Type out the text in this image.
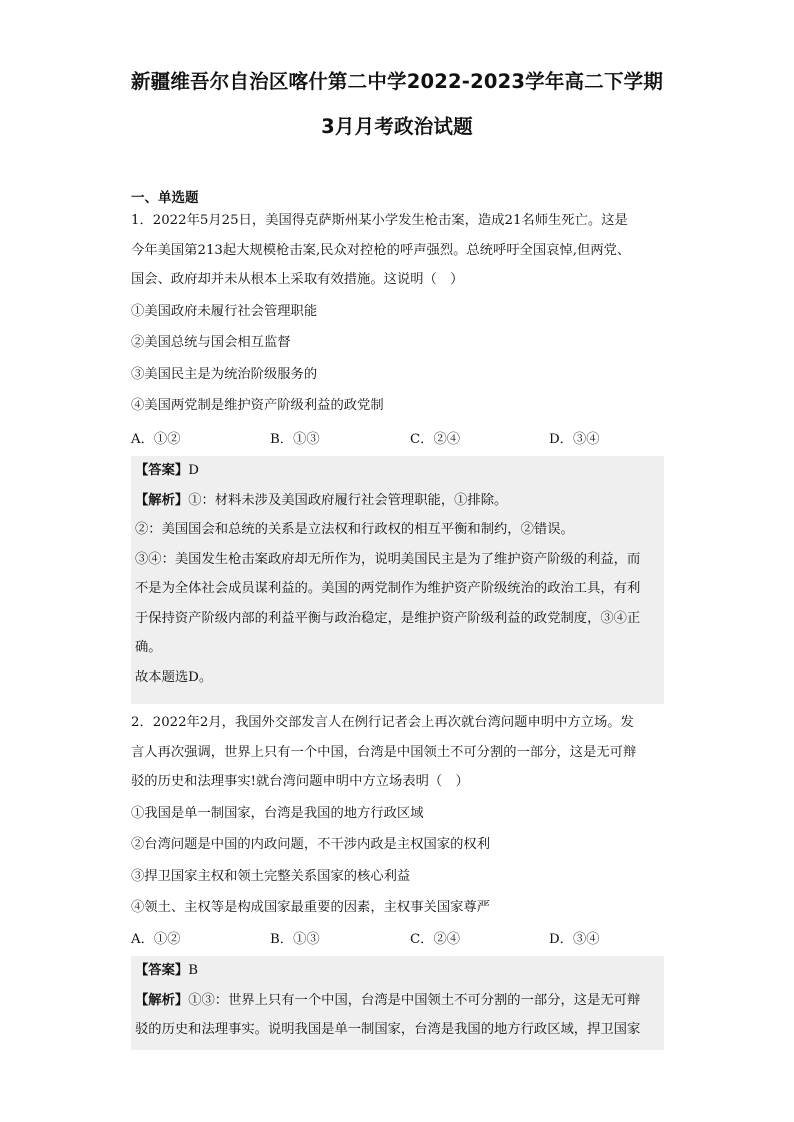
新疆维吾尔自治区喀什第二中学2022-2023学年高二下学期
3月月考政治试题
一、单选题

1．2022年5月25日，美国得克萨斯州某小学发生枪击案，造成21名师生死亡。这是

今年美国第213起大规模枪击案,民众对控枪的呼声强烈。总统呼吁全国哀悼,但两党、

国会、政府却并未从根本上采取有效措施。这说明（　）

①美国政府未履行社会管理职能

②美国总统与国会相互监督

③美国民主是为统治阶级服务的

④美国两党制是维护资产阶级利益的政党制

A．①②	B．①③	C．②④	D．③④

【答案】D

【解析】①：材料未涉及美国政府履行社会管理职能，①排除。

②：美国国会和总统的关系是立法权和行政权的相互平衡和制约，②错误。

③④：美国发生枪击案政府却无所作为，说明美国民主是为了维护资产阶级的利益，而

不是为全体社会成员谋利益的。美国的两党制作为维护资产阶级统治的政治工具，有利

于保持资产阶级内部的利益平衡与政治稳定，是维护资产阶级利益的政党制度，③④正

确。

故本题选D。

2．2022年2月，我国外交部发言人在例行记者会上再次就台湾问题申明中方立场。发

言人再次强调，世界上只有一个中国，台湾是中国领土不可分割的一部分，这是无可辩

驳的历史和法理事实!就台湾问题申明中方立场表明（　）

①我国是单一制国家，台湾是我国的地方行政区域

②台湾问题是中国的内政问题，不干涉内政是主权国家的权利

③捍卫国家主权和领土完整关系国家的核心利益

④领土、主权等是构成国家最重要的因素，主权事关国家尊严

A．①②	B．①③	C．②④	D．③④

【答案】B

【解析】①③：世界上只有一个中国，台湾是中国领土不可分割的一部分，这是无可辩

驳的历史和法理事实。说明我国是单一制国家，台湾是我国的地方行政区域，捍卫国家
